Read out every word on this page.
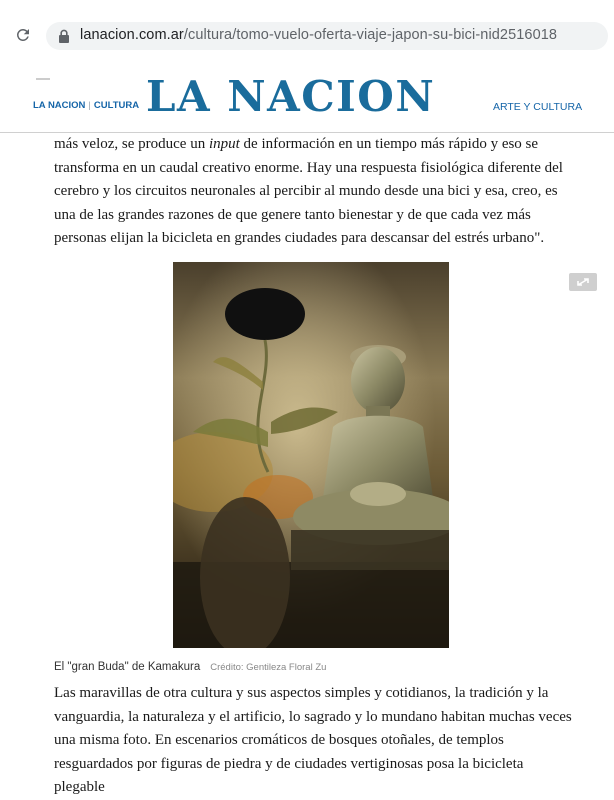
lanacion.com.ar/cultura/tomo-vuelo-oferta-viaje-japon-su-bici-nid2516018
LA NACION | CULTURA LA NACION	ARTE Y CULTURA

más veloz, se produce un input de información en un tiempo más rápido y eso se transforma en un caudal creativo enorme. Hay una respuesta fisiológica diferente del cerebro y los circuitos neuronales al percibir al mundo desde una bici y esa, creo, es una de las grandes razones de que genere tanto bienestar y de que cada vez más personas elijan la bicicleta en grandes ciudades para descansar del estrés urbano".

El "gran Buda" de Kamakura Crédito: Gentileza Floral Zu

Las maravillas de otra cultura y sus aspectos simples y cotidianos, la tradición y la vanguardia, la naturaleza y el artificio, lo sagrado y lo mundano habitan muchas veces una misma foto. En escenarios cromáticos de bosques otoñales, de templos resguardados por figuras de piedra y de ciudades vertiginosas posa la bicicleta plegable
